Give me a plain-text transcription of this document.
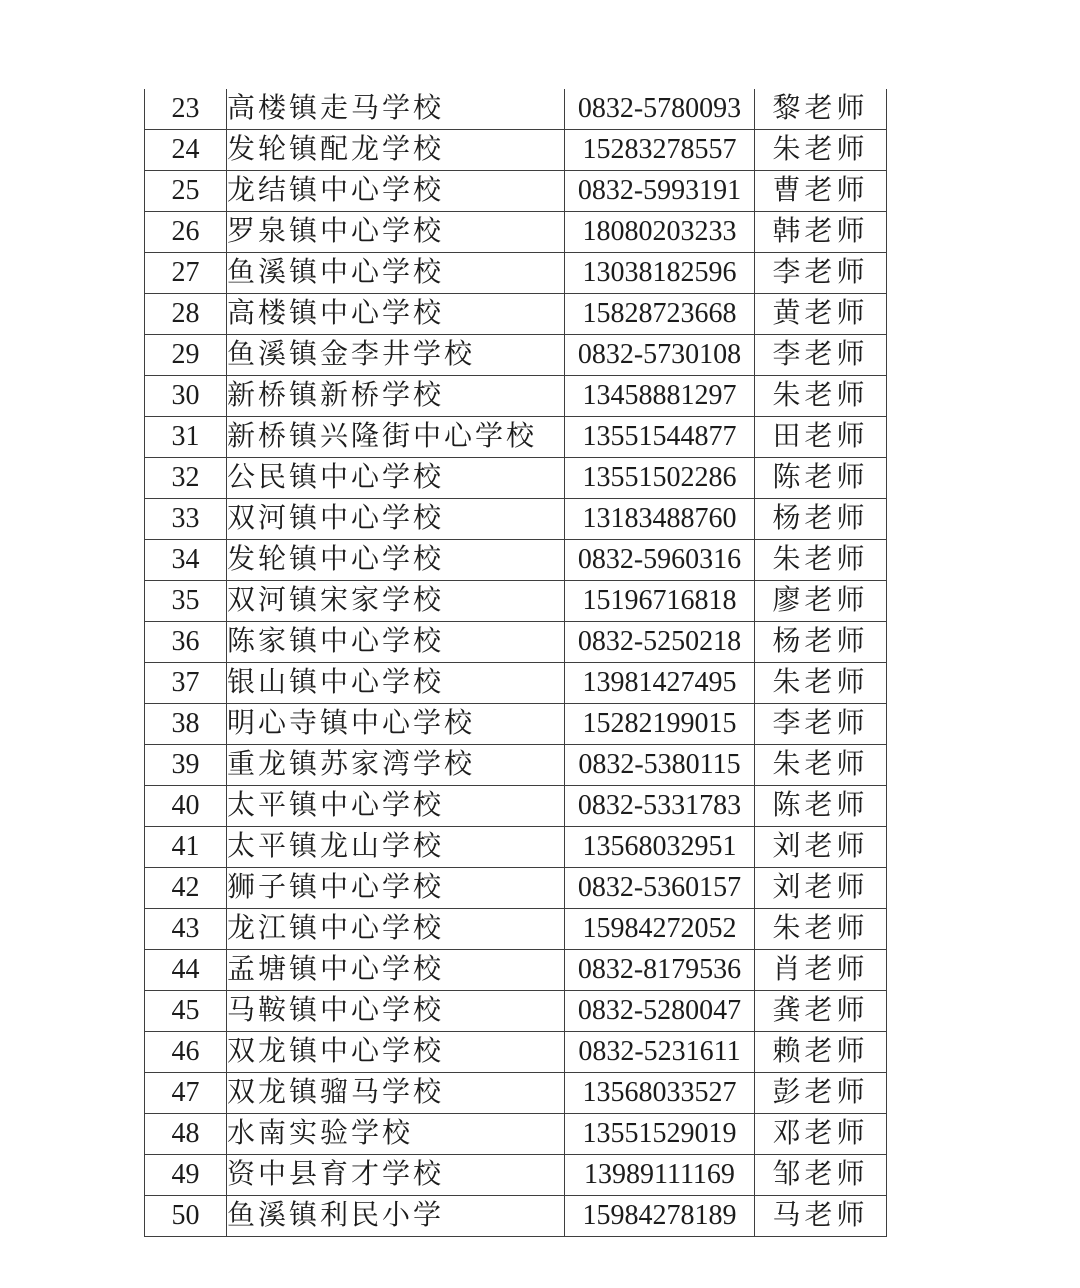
23	高楼镇走马学校	0832-5780093	黎老师
24	发轮镇配龙学校	15283278557	朱老师
25	龙结镇中心学校	0832-5993191	曹老师
26	罗泉镇中心学校	18080203233	韩老师
27	鱼溪镇中心学校	13038182596	李老师
28	高楼镇中心学校	15828723668	黄老师
29	鱼溪镇金李井学校	0832-5730108	李老师
30	新桥镇新桥学校	13458881297	朱老师
31	新桥镇兴隆街中心学校	13551544877	田老师
32	公民镇中心学校	13551502286	陈老师
33	双河镇中心学校	13183488760	杨老师
34	发轮镇中心学校	0832-5960316	朱老师
35	双河镇宋家学校	15196716818	廖老师
36	陈家镇中心学校	0832-5250218	杨老师
37	银山镇中心学校	13981427495	朱老师
38	明心寺镇中心学校	15282199015	李老师
39	重龙镇苏家湾学校	0832-5380115	朱老师
40	太平镇中心学校	0832-5331783	陈老师
41	太平镇龙山学校	13568032951	刘老师
42	狮子镇中心学校	0832-5360157	刘老师
43	龙江镇中心学校	15984272052	朱老师
44	孟塘镇中心学校	0832-8179536	肖老师
45	马鞍镇中心学校	0832-5280047	龚老师
46	双龙镇中心学校	0832-5231611	赖老师
47	双龙镇骝马学校	13568033527	彭老师
48	水南实验学校	13551529019	邓老师
49	资中县育才学校	13989111169	邹老师
50	鱼溪镇利民小学	15984278189	马老师
